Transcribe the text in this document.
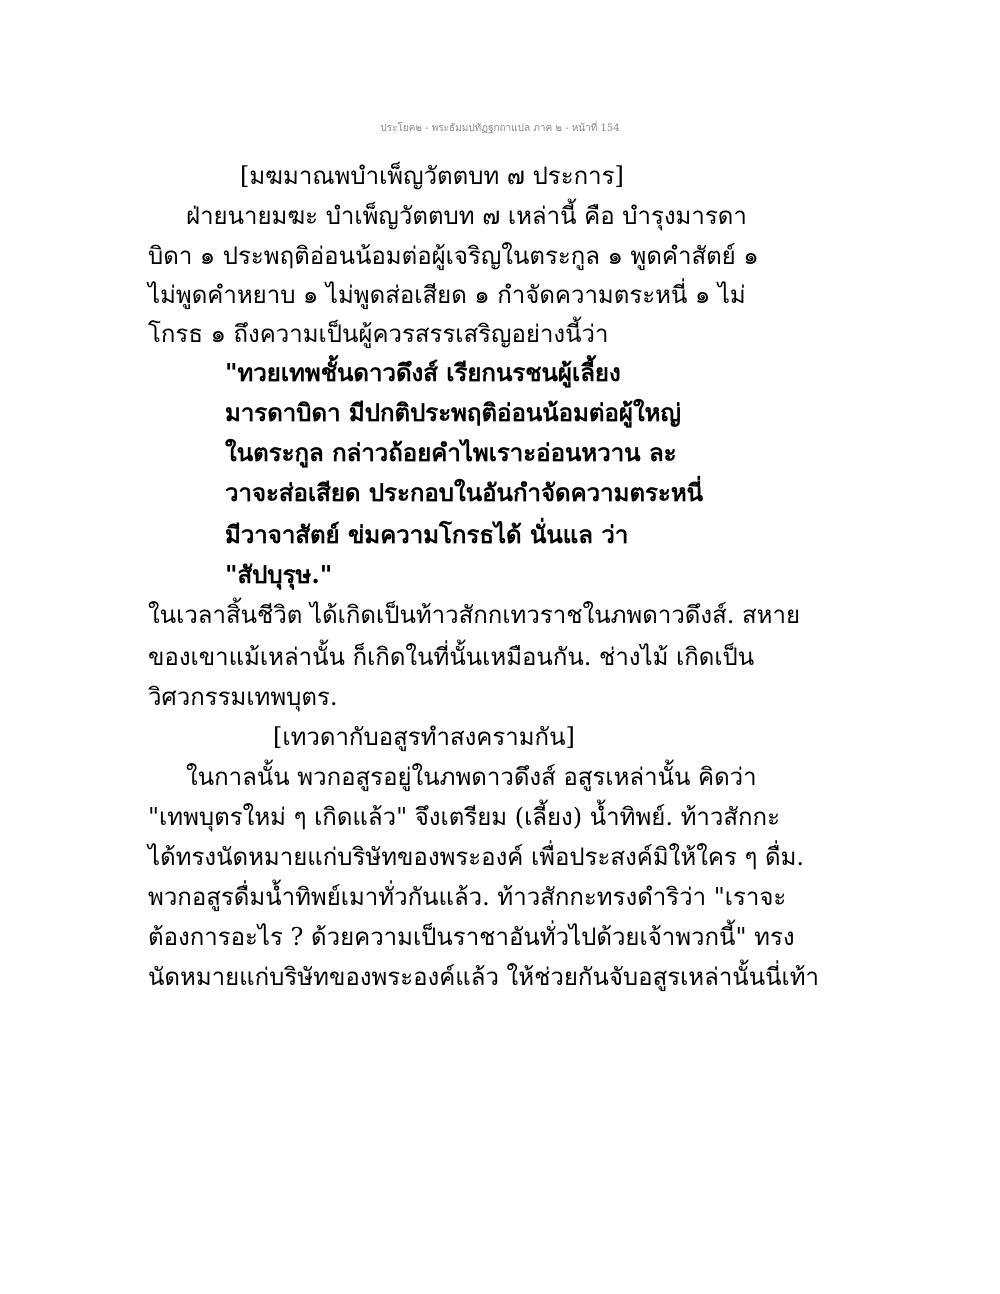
ประโยค๒ - พระธัมมปทัฏฐกถาแปล ภาค ๒ - หน้าที่ 154
[มฆมาณพบำเพ็ญวัตตบท ๗ ประการ]
ฝ่ายนายมฆะ บำเพ็ญวัตตบท ๗ เหล่านี้ คือ บำรุงมารดา
บิดา ๑ ประพฤติอ่อนน้อมต่อผู้เจริญในตระกูล ๑ พูดคำสัตย์ ๑
ไม่พูดคำหยาบ ๑ ไม่พูดส่อเสียด ๑ กำจัดความตระหนี่ ๑ ไม่
โกรธ ๑ ถึงความเป็นผู้ควรสรรเสริญอย่างนี้ว่า
"ทวยเทพชั้นดาวดึงส์ เรียกนรชนผู้เลี้ยง
มารดาบิดา มีปกติประพฤติอ่อนน้อมต่อผู้ใหญ่
ในตระกูล กล่าวถ้อยคำไพเราะอ่อนหวาน ละ
วาจะส่อเสียด ประกอบในอันกำจัดความตระหนี่
มีวาจาสัตย์ ข่มความโกรธได้ นั่นแล ว่า
"สัปบุรุษ."
ในเวลาสิ้นชีวิต ได้เกิดเป็นท้าวสักกเทวราชในภพดาวดึงส์. สหาย
ของเขาแม้เหล่านั้น ก็เกิดในที่นั้นเหมือนกัน. ช่างไม้ เกิดเป็น
วิศวกรรมเทพบุตร.
[เทวดากับอสูรทำสงครามกัน]
ในกาลนั้น พวกอสูรอยู่ในภพดาวดึงส์ อสูรเหล่านั้น คิดว่า
"เทพบุตรใหม่ ๆ เกิดแล้ว" จึงเตรียม (เลี้ยง) น้ำทิพย์. ท้าวสักกะ
ได้ทรงนัดหมายแก่บริษัทของพระองค์ เพื่อประสงค์มิให้ใคร ๆ ดื่ม.
พวกอสูรดื่มน้ำทิพย์เมาทั่วกันแล้ว. ท้าวสักกะทรงดำริว่า "เราจะ
ต้องการอะไร ? ด้วยความเป็นราชาอันทั่วไปด้วยเจ้าพวกนี้" ทรง
นัดหมายแก่บริษัทของพระองค์แล้ว ให้ช่วยกันจับอสูรเหล่านั้นนี่เท้า
